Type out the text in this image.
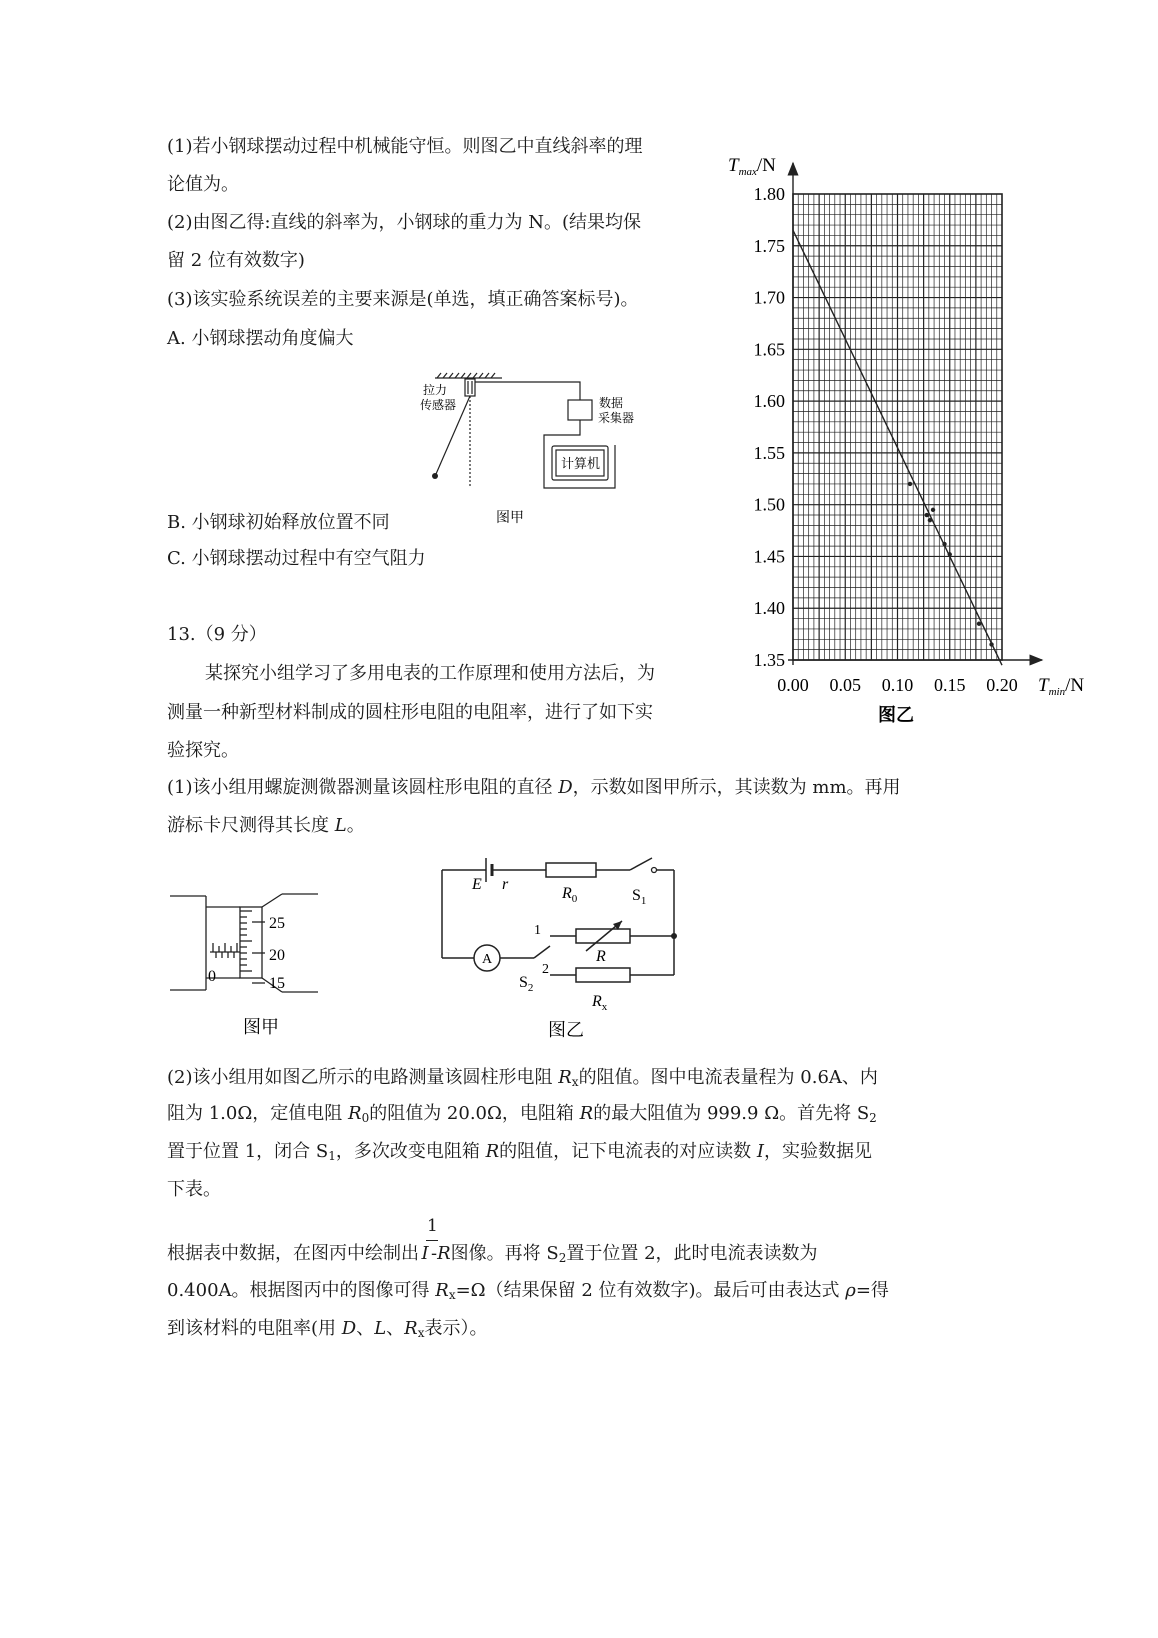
(1)若小钢球摆动过程中机械能守恒。则图乙中直线斜率的理
论值为。
(2)由图乙得:直线的斜率为，小钢球的重力为 N。(结果均保
留 2 位有效数字)
(3)该实验系统误差的主要来源是(单选，填正确答案标号)。
A. 小钢球摆动角度偏大
B. 小钢球初始释放位置不同
C. 小钢球摆动过程中有空气阻力
拉力
传感器	数据
采集器
计算机
图甲
1.80
1.75
1.70
1.65
1.60
1.55
1.50
1.45
1.40
1.35
0.00 0.05 0.10 0.15 0.20
$T_{max}/N$
$T_{min}/N$
图乙
13.（9 分）
某探究小组学习了多用电表的工作原理和使用方法后，为
测量一种新型材料制成的圆柱形电阻的电阻率，进行了如下实
验探究。
(1)该小组用螺旋测微器测量该圆柱形电阻的直径 D，示数如图甲所示，其读数为 mm。再用
游标卡尺测得其长度 L。
25
20
15
0
图甲
E r
$R_0$	$S_1$
1
R
A
$S_2$
2
$R_x$
图乙
(2)该小组用如图乙所示的电路测量该圆柱形电阻 $R_x$的阻值。图中电流表量程为 0.6A、内
阻为 1.0Ω，定值电阻 $R_0$的阻值为 20.0Ω，电阻箱 R的最大阻值为 999.9 Ω。首先将 $S_2$
置于位置 1，闭合 $S_1$，多次改变电阻箱 R的阻值，记下电流表的对应读数 I，实验数据见
下表。
1
根据表中数据，在图丙中绘制出 I -R图像。再将 $S_2$置于位置 2，此时电流表读数为
0.400A。根据图丙中的图像可得 $R_x=\Omega$（结果保留 2 位有效数字)。最后可由表达式 ρ=得
到该材料的电阻率(用 D、L、$R_x$表示）。
